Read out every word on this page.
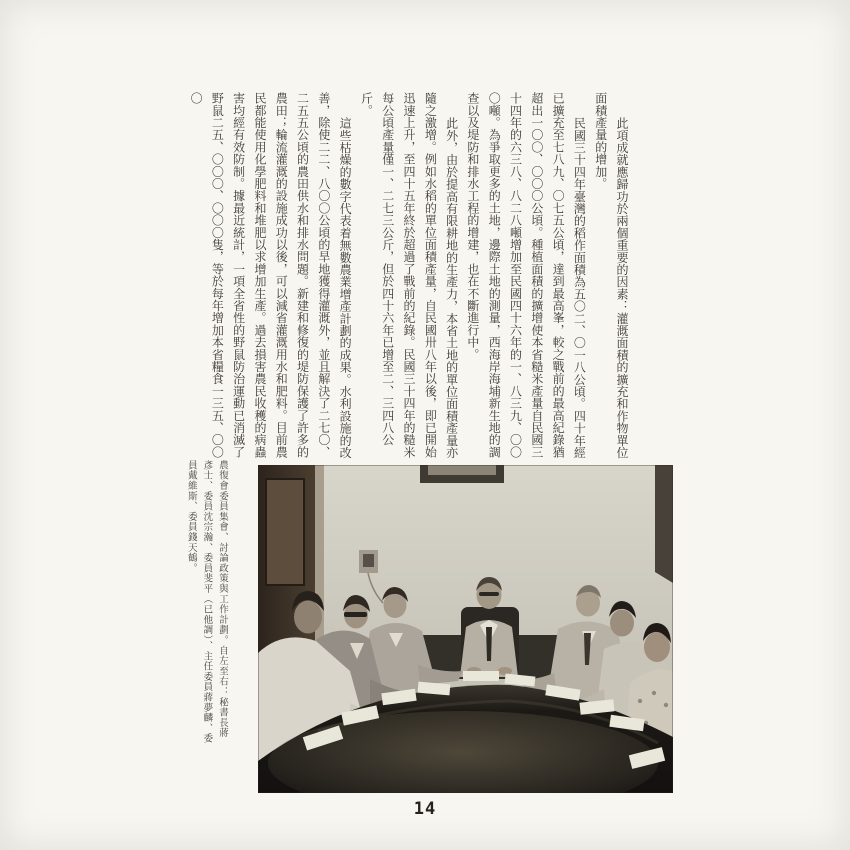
此項成就應歸功於兩個重要的因素：灌溉面積的擴充和作物單位面積產量的增加。

民國三十四年臺灣的稻作面積為五〇二、〇一八公頃。四十年經已擴充至七八九、〇七五公頃，達到最高峯，較之戰前的最高紀錄猶超出一〇〇、〇〇〇公頃。種植面積的擴增使本省糙米產量自民國三十四年的六三八、八二八噸增加至民國四十六年的一、八三九、〇〇〇噸。為爭取更多的土地，邊際土地的測量，西海岸海埔新生地的調查以及堤防和排水工程的增建，也在不斷進行中。

此外，由於提高有限耕地的生產力，本省土地的單位面積產量亦隨之激增。例如水稻的單位面積產量，自民國卅八年以後，即已開始迅速上升，至四十五年終於超過了戰前的紀錄。民國三十四年的糙米每公頃產量僅一、二七三公斤，但於四十六年已增至二、三四八公斤。

這些枯燥的數字代表着無數農業增產計劃的成果。水利設施的改善，除使二二、八〇〇公頃的旱地獲得灌溉外，並且解決了二七〇、二五五公頃的農田供水和排水問題。新建和修復的堤防保護了許多的農田；輪流灌溉的設施成功以後，可以減省灌溉用水和肥料。目前農民都能使用化學肥料和堆肥以求增加生產。過去損害農民收穫的病蟲害均經有效防制。據最近統計，一項全省性的野鼠防治運動已消滅了野鼠二五、〇〇〇、〇〇〇隻，等於每年增加本省糧食一三五、〇〇〇

農復會委員集會、討論政策與工作計劃。自左至右：秘書長蔣彥士、委員沈宗瀚、委員斐平（已他調）、主任委員蔣夢麟、委員戴維斯、委員錢天鶴。
14
